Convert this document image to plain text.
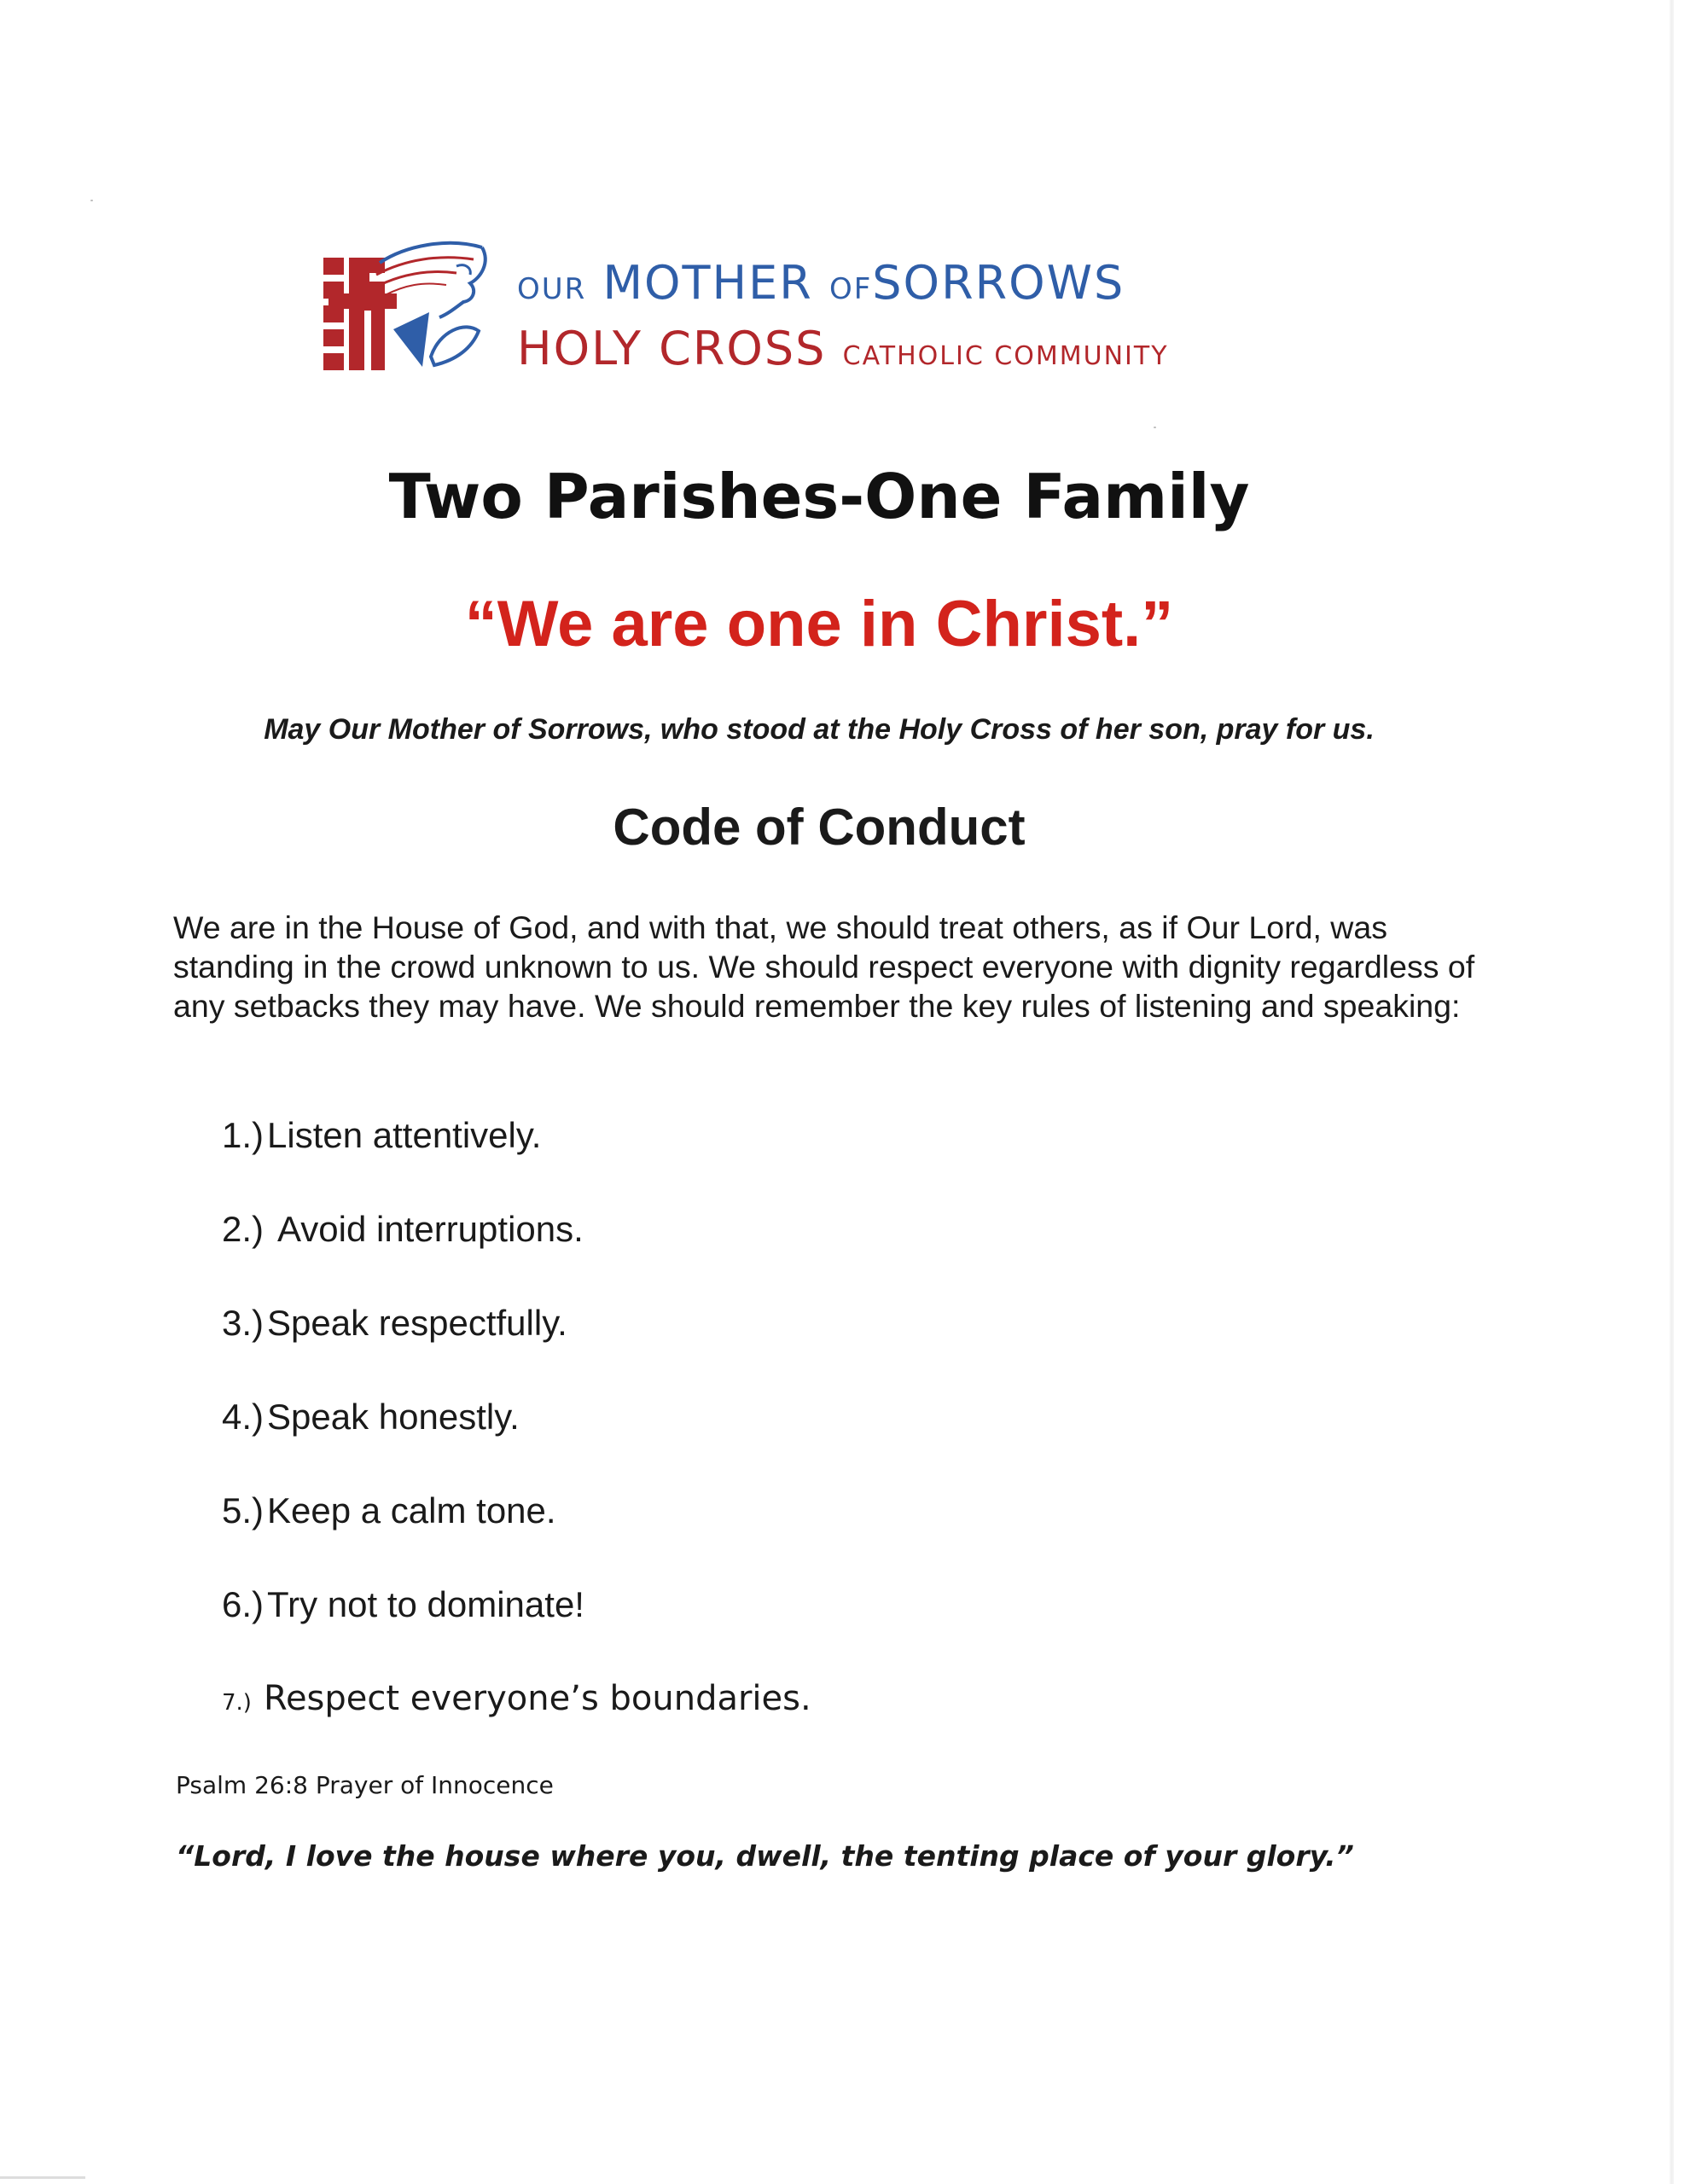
OUR MOTHER OFSORROWS
HOLY CROSS CATHOLIC COMMUNITY
Two Parishes-One Family
“We are one in Christ.”
May Our Mother of Sorrows, who stood at the Holy Cross of her son, pray for us.
Code of Conduct
We are in the House of God, and with that, we should treat others, as if Our Lord, was standing in the crowd unknown to us. We should respect everyone with dignity regardless of any setbacks they may have. We should remember the key rules of listening and speaking:
1.)Listen attentively.
2.) Avoid interruptions.
3.)Speak respectfully.
4.)Speak honestly.
5.)Keep a calm tone.
6.)Try not to dominate!
7.) Respect everyone’s boundaries.
Psalm 26:8 Prayer of Innocence
“Lord, I love the house where you, dwell, the tenting place of your glory.”
